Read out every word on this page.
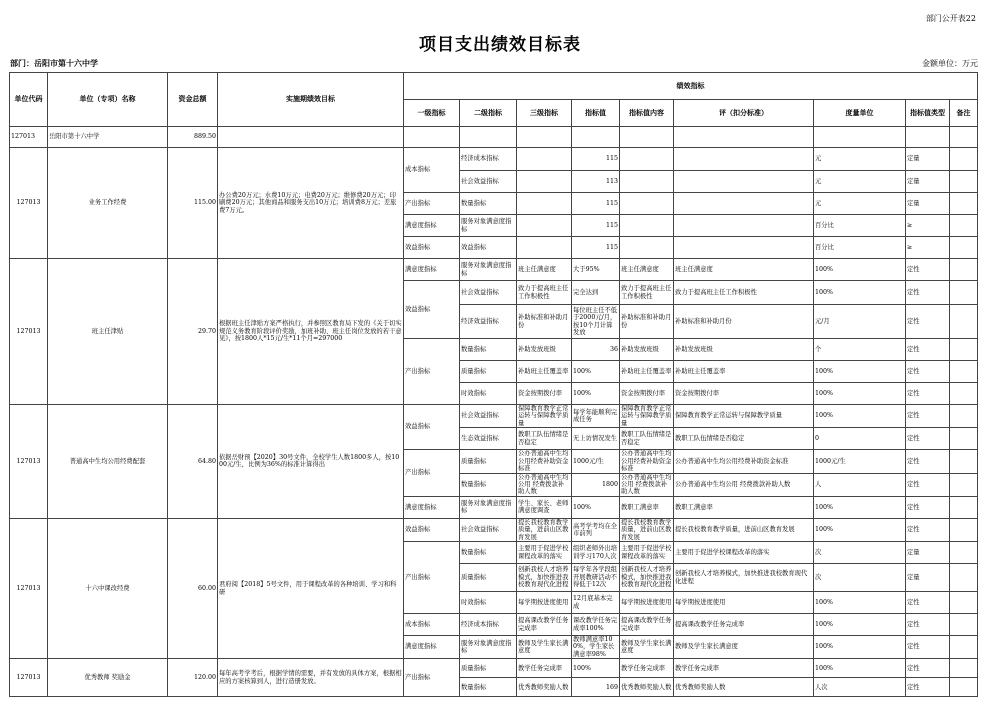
部门公开表22
项目支出绩效目标表
部门：岳阳市第十六中学	金额单位：万元
单位代码	单位（专项）名称	资金总额	实施期绩效目标	绩效指标								
				一级指标	二级指标	三级指标	指标值	指标值内容	评（扣分标准）	度量单位	指标值类型	备注
127013	岳阳市第十六中学	889.50										
127013	业务工作经费	115.00	办公费20万元；水费10万元；电费20万元；维修费20万元；印刷费20万元；其他商品和服务支出10万元；培训费8万元；差旅费7万元。	成本指标	经济成本指标		115			元	定量	
					社会效益指标		113			元	定量	
				产出指标	数量指标		115			元	定量	
				满意度指标	服务对象满意度指标		115			百分比	≥	
				效益指标	效益指标		115			百分比	≥	
127013	班主任津贴	29.70	根据班主任津贴方案严格执行，并参照区教育局下发的《关于切实规范义务教育阶段评价奖励，加班补助、班主任岗位发放的若干意见》，按1800人*15元/生*11个月=297000	满意度指标	服务对象满意度指标	班主任满意度	大于95%	班主任满意度	班主任满意度	100%	定性	
				效益指标	社会效益指标	致力于提高班主任工作积极性	完全达到	致力于提高班主任工作积极性	致力于提高班主任工作积极性	100%	定性	
					经济效益指标	补助标准和补助月份	每位班主任不低于2000元/月，按10个月计算发放	补助标准和补助月份	补助标准和补助月份	元/月	定性	
				产出指标	数量指标	补助发放班级	36	补助发放班级	补助发放班级	个	定性	
					质量指标	补助班主任覆盖率	100%	补助班主任覆盖率	补助班主任覆盖率	100%	定性	
					时效指标	资金按期拨付率	100%	资金按期拨付率	资金按期拨付率	100%	定性	
127013	普通高中生均公用经费配套	64.80	依据岳财预【2020】30号文件，全校学生人数1800多人，按1000元/生，比例为36%的标准计算得出	效益指标	社会效益指标	保障教育教学正常运转与保障教学质量	每学年能顺利完成任务	保障教育教学正常运转与保障教学质量	保障教育教学正常运转与保障教学质量	100%	定性	
					生态效益指标	教职工队伍情绪是否稳定	无上访情况发生	教职工队伍情绪是否稳定	教职工队伍情绪是否稳定	0	定性	
				产出指标	质量指标	公办普通高中生均公用经费补助资金标准	1000元/生	公办普通高中生均公用经费补助资金标准	公办普通高中生均公用经费补助资金标准	1000元/生	定性	
					数量指标	公办普通高中生均公用 经费拨款补助人数	1800	公办普通高中生均公用 经费拨款补助人数	公办普通高中生均公用 经费拨款补助人数	人	定性	
				满意度指标	服务对象满意度指标	学生、家长、老师满意度调查	100%	教职工满意率	教职工满意率	100%	定性	
127013	十六中课改经费	60.00	君府阅【2018】5号文件，用于课程改革的各种培训、学习和科研	效益指标	社会效益指标	提长我校教育教学质量，进前山区教育发展	高考学考均在全市前列	提长我校教育教学质量，进前山区教育发展	提长我校教育教学质量，进前山区教育发展	100%	定性	
				产出指标	数量指标	主要用于促进学校课程改革的落实	组织老师外出培训学习170人次	主要用于促进学校课程改革的落实	主要用于促进学校课程改革的落实	次	定量	
					质量指标	创新我校人才培养模式，加快推进我校教育现代化进程	每学年各学段组开展教研活动不得低于12次	创新我校人才培养模式，加快推进我校教育现代化进程	创新我校人才培养模式，加快推进我校教育现代化进程	次	定量	
					时效指标	每学期按进度使用	12月底基本完成	每学期按进度使用	每学期按进度使用	100%	定性	
				成本指标	经济成本指标	提高课改教学任务完成率	课改教学任务完成率100%	提高课改教学任务完成率	提高课改教学任务完成率	100%	定性	
				满意度指标	服务对象满意度指标	教师及学生家长满意度	教师满意率100%，学生家长满意率98%	教师及学生家长满意度	教师及学生家长满意度	100%	定性	
127013	优秀教师 奖励金	120.00	每年高考学考后，根据学情的需要，并有发放的具体方案，根据相应的方案核算到人，进行造册发放。	产出指标	质量指标	教学任务完成率	100%	教学任务完成率	教学任务完成率	100%	定性	
					数量指标	优秀教师奖励人数	169	优秀教师奖励人数	优秀教师奖励人数	人次	定性	
